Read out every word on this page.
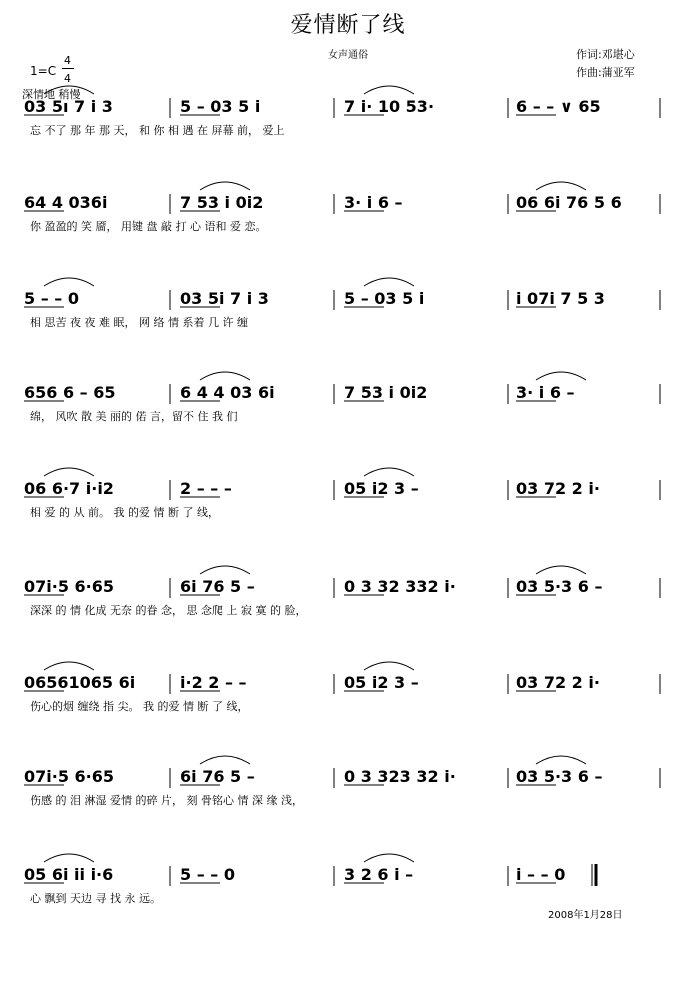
爱情断了线
女声通俗	作词:邓堪心
作曲:蒲亚军
1=C
4
4
深情地 稍慢
03 5ı 7 i 3	5 – 03 5 i	7 i· 10 53·	6 – – ∨ 65
忘 不了 那 年 那 天， 和 你 相 遇 在 屏幕 前， 爱上
64 4 036i	7 53 i 0i2	3· i 6 –	06 6i 76 5 6
你 盈盈的 笑 靥， 用键 盘 敲 打 心 语和 爱 恋。
5 – – 0	03 5i 7 i 3	5 – 03 5 i	i 07i 7 5 3
相 思苦 夜 夜 难 眠， 网 络 情 系着 几 许 缠
656 6 – 65	6 4 4 03 6i	7 53 i 0i2	3· i 6 –
绵， 风吹 散 美 丽的 偌 言，留不 住 我 们
06 6·7 i·i2	2 – – –	05 i2 3 –	03 72 2 i·
相 爱 的 从 前。 我 的爱 情 断 了 线，
07i·5 6·65	6i 76 5 –	0 3 32 332 i·	03 5·3 6 –
深深 的 情 化成 无奈 的眷 念， 思 念爬 上 寂 寞 的 脸，
06561065 6i	i·2 2 – –	05 i2 3 –	03 72 2 i·
伤心的烟 缠绕 指 尖。 我 的爱 情 断 了 线，
07i·5 6·65	6i 76 5 –	0 3 323 32 i·	03 5·3 6 –
伤感 的 泪 淋湿 爱情 的碎 片， 刻 骨铭心 情 深 缘 浅，
05 6i ii i·6	5 – – 0	3 2 6 i –	i – – 0
心 飘到 天边 寻 找 永 远。
2008年1月28日
